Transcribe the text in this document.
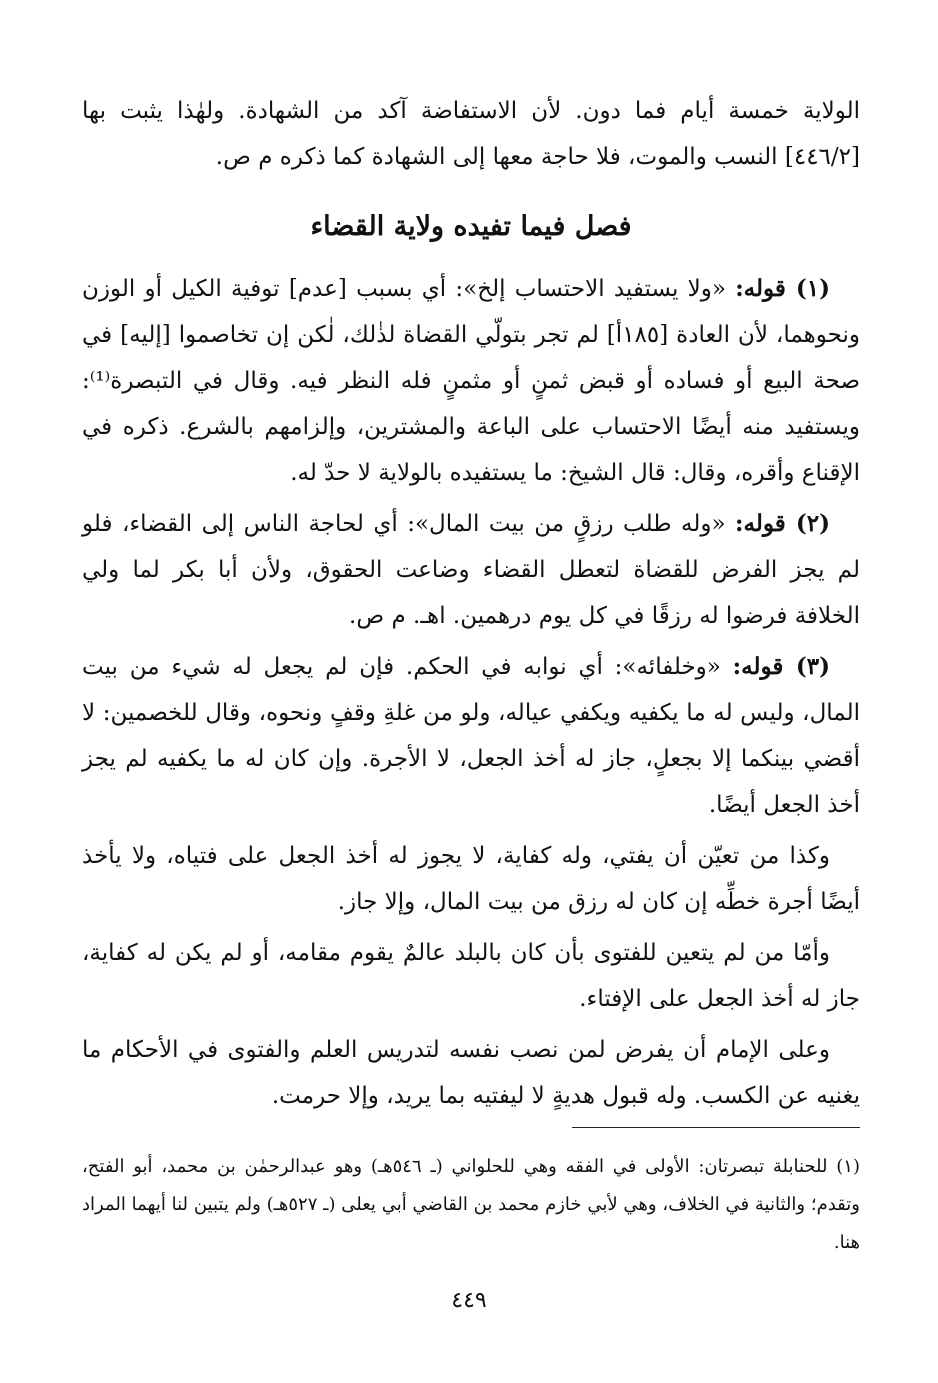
الولاية خمسة أيام فما دون. لأن الاستفاضة آكد من الشهادة. ولهٰذا يثبت بها [٤٤٦/٢] النسب والموت، فلا حاجة معها إلى الشهادة كما ذكره م ص.
فصل فيما تفيده ولاية القضاء

(١) قوله: «ولا يستفيد الاحتساب إلخ»: أي بسبب [عدم] توفية الكيل أو الوزن ونحوهما، لأن العادة [١٨٥أ] لم تجر بتولّي القضاة لذٰلك، لٰكن إن تخاصموا [إليه] في صحة البيع أو فساده أو قبض ثمنٍ أو مثمنٍ فله النظر فيه. وقال في التبصرة⁽¹⁾: ويستفيد منه أيضًا الاحتساب على الباعة والمشترين، وإلزامهم بالشرع. ذكره في الإقناع وأقره، وقال: قال الشيخ: ما يستفيده بالولاية لا حدّ له.

(٢) قوله: «وله طلب رزقٍ من بيت المال»: أي لحاجة الناس إلى القضاء، فلو لم يجز الفرض للقضاة لتعطل القضاء وضاعت الحقوق، ولأن أبا بكر لما ولي الخلافة فرضوا له رزقًا في كل يوم درهمين. اهـ. م ص.

(٣) قوله: «وخلفائه»: أي نوابه في الحكم. فإن لم يجعل له شيء من بيت المال، وليس له ما يكفيه ويكفي عياله، ولو من غلةِ وقفٍ ونحوه، وقال للخصمين: لا أقضي بينكما إلا بجعلٍ، جاز له أخذ الجعل، لا الأجرة. وإن كان له ما يكفيه لم يجز أخذ الجعل أيضًا.

وكذا من تعيّن أن يفتي، وله كفاية، لا يجوز له أخذ الجعل على فتياه، ولا يأخذ أيضًا أجرة خطِّه إن كان له رزق من بيت المال، وإلا جاز.

وأمّا من لم يتعين للفتوى بأن كان بالبلد عالمٌ يقوم مقامه، أو لم يكن له كفاية، جاز له أخذ الجعل على الإفتاء.

وعلى الإمام أن يفرض لمن نصب نفسه لتدريس العلم والفتوى في الأحكام ما يغنيه عن الكسب. وله قبول هديةٍ لا ليفتيه بما يريد، وإلا حرمت.

(١) للحنابلة تبصرتان: الأولى في الفقه وهي للحلواني (ـ ٥٤٦هـ) وهو عبدالرحمٰن بن محمد، أبو الفتح، وتقدم؛ والثانية في الخلاف، وهي لأبي خازم محمد بن القاضي أبي يعلى (ـ ٥٢٧هـ) ولم يتبين لنا أيهما المراد هنا.
٤٤٩
